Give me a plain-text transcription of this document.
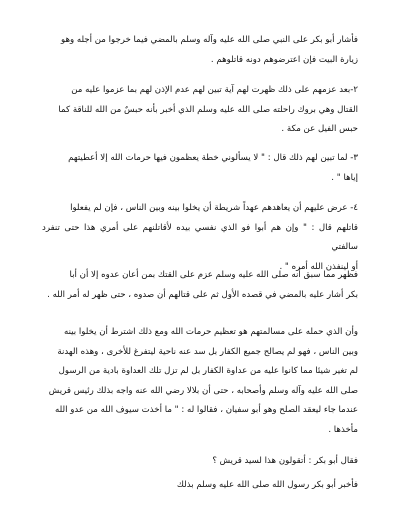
فأشار أبو بكر على النبي صلى الله عليه وآله وسلم بالمضي فيما خرجوا من أجله وهو

زيارة البيت فإن اعترضوهم دونه قاتلوهم .

٢-بعد عزمهم على ذلك ظهرت لهم آية تبين لهم عدم الإذن لهم بما عزموا عليه من

القتال وهي بروك راحلته صلى الله عليه وسلم الذي أخبر بأنه حبسٌ من الله للناقة كما

حبس الفيل عن مكة .

٣- لما تبين لهم ذلك قال : " لا يسألوني خطة يعظمون فيها حرمات الله إلا أعطيتهم

إياها " .

٤- عرض عليهم أن يعاهدهم عهداً شريطة أن يخلوا بينه وبين الناس ، فإن لم يفعلوا

قاتلهم قال : " وإن هم أبوا فو الذي نفسي بيده لأقاتلنهم على أمري هذا حتى تنفرد سالفتي

أو لينفذن الله أمره " .

فظهر مما سبق أنه صلى الله عليه وسلم عزم على القتك بمن أعان عدوه إلا أن أبا

بكر أشار عليه بالمضي في قصده الأول ثم على قتالهم أن صدوه ، حتى ظهر له أمر الله .

وأن الذي حمله على مسالمتهم هو تعظيم حرمات الله ومع ذلك اشترط أن يخلوا بينه

وبين الناس ، فهو لم يصالح جميع الكفار بل سد عنه ناحية ليتفرغ للأخرى ، وهذه الهدنة

لم تغير شيئا مما كانوا عليه من عداوة الكفار بل لم تزل تلك العداوة بادية من الرسول

صلى الله عليه وآله وسلم وأصحابه ، حتى أن بلالا رضي الله عنه واجه بذلك رئيس قريش

عندما جاء ليعقد الصلح وهو أبو سفيان ، فقالوا له : " ما أخذت سيوف الله من عدو الله

مأخذها .

فقال أبو بكر : أتقولون هذا لسيد قريش ؟

فأخبر أبو بكر رسول الله صلى الله عليه وسلم بذلك
